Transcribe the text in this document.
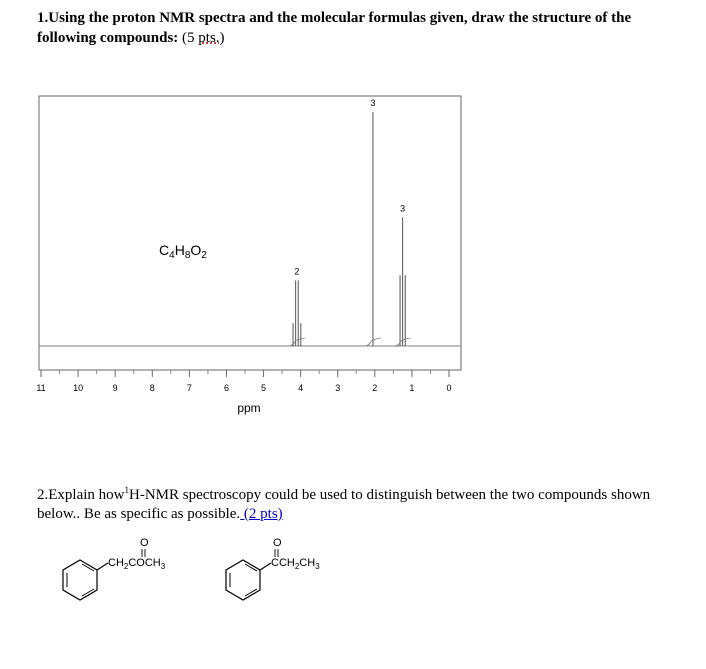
1.Using the proton NMR spectra and the molecular formulas given, draw the structure of the following compounds: (5 pts.)
11	10	9	8	7	6	5	4	3	2	1	0
2
3
3
ppm
$C_4H_8O_2$
2.Explain how$^1$H-NMR spectroscopy could be used to distinguish between the two compounds shown below.. Be as specific as possible. (2 pts)
$CH_2COCH_3$
O
$CCH_2CH_3$
O
